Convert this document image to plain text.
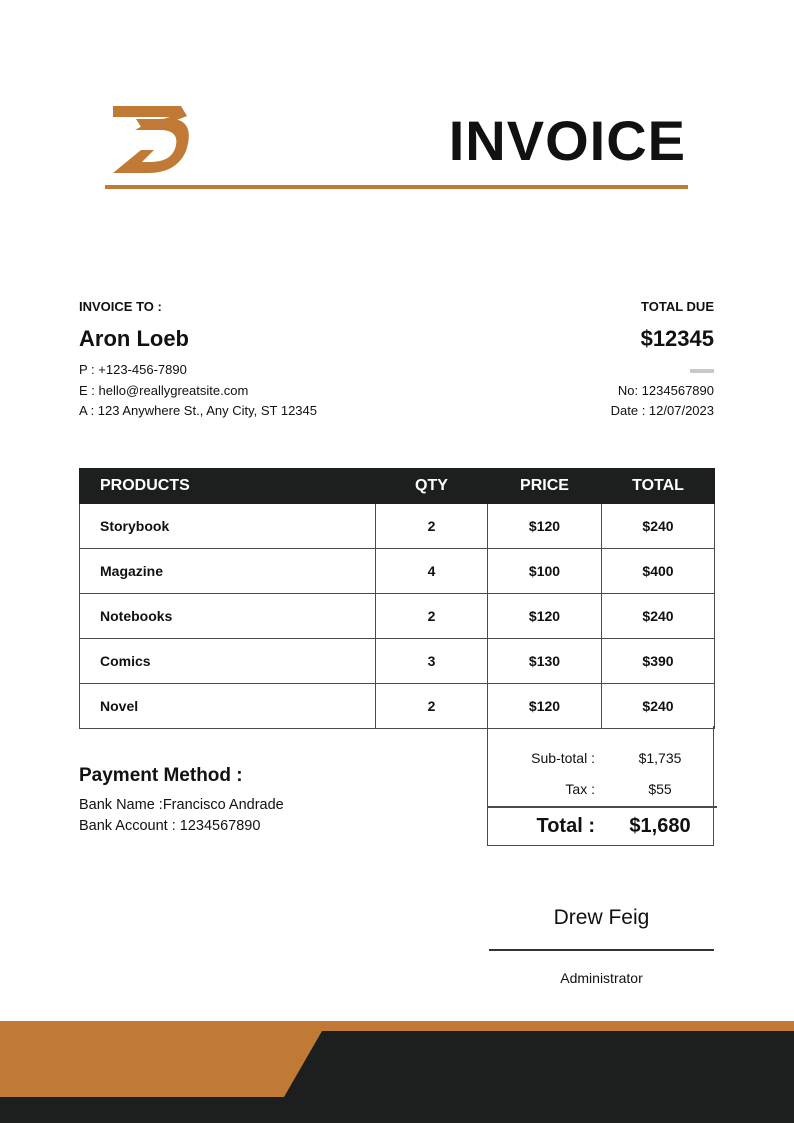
INVOICE
INVOICE TO :
Aron Loeb
P : +123-456-7890
E : hello@reallygreatsite.com
A : 123 Anywhere St., Any City, ST 12345
TOTAL DUE
$12345
No: 1234567890
Date : 12/07/2023
PRODUCTS	QTY	PRICE	TOTAL
Storybook	2	$120	$240
Magazine	4	$100	$400
Notebooks	2	$120	$240
Comics	3	$130	$390
Novel	2	$120	$240
Sub-total :	$1,735
Tax :	$55
Total :	$1,680
Payment Method :
Bank Name :Francisco Andrade
Bank Account : 1234567890
Drew Feig
Administrator
